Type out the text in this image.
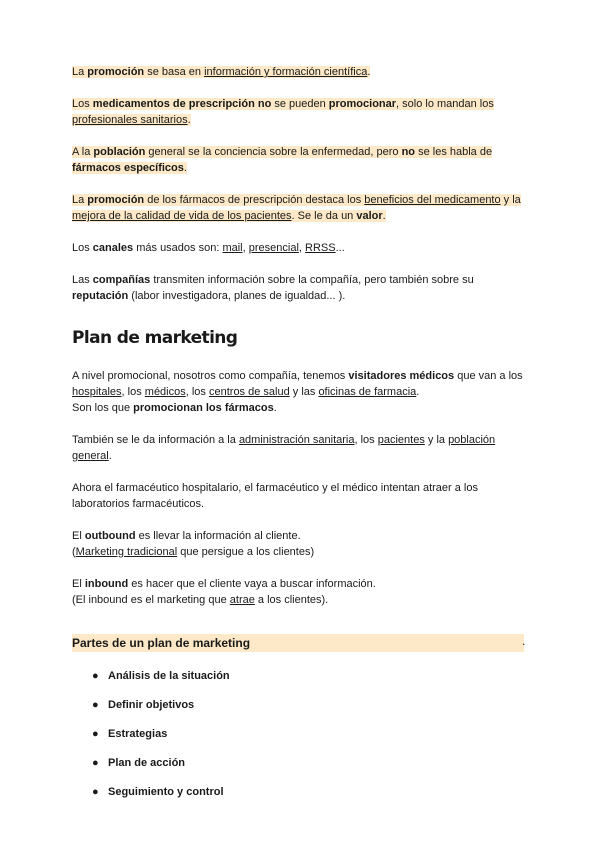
La promoción se basa en información y formación científica.

Los medicamentos de prescripción no se pueden promocionar, solo lo mandan los profesionales sanitarios.

A la población general se la conciencia sobre la enfermedad, pero no se les habla de fármacos específicos.

La promoción de los fármacos de prescripción destaca los beneficios del medicamento y la mejora de la calidad de vida de los pacientes. Se le da un valor.

Los canales más usados son: mail, presencial, RRSS...

Las compañías transmiten información sobre la compañía, pero también sobre su reputación (labor investigadora, planes de igualdad... ).

Plan de marketing

A nivel promocional, nosotros como compañía, tenemos visitadores médicos que van a los hospitales, los médicos, los centros de salud y las oficinas de farmacia.
Son los que promocionan los fármacos.

También se le da información a la administración sanitaria, los pacientes y la población general.

Ahora el farmacéutico hospitalario, el farmacéutico y el médico intentan atraer a los laboratorios farmacéuticos.

El outbound es llevar la información al cliente.
(Marketing tradicional que persigue a los clientes)

El inbound es hacer que el cliente vaya a buscar información.
(El inbound es el marketing que atrae a los clientes).

Partes de un plan de marketing	.
● Análisis de la situación
● Definir objetivos
● Estrategias
● Plan de acción
● Seguimiento y control
